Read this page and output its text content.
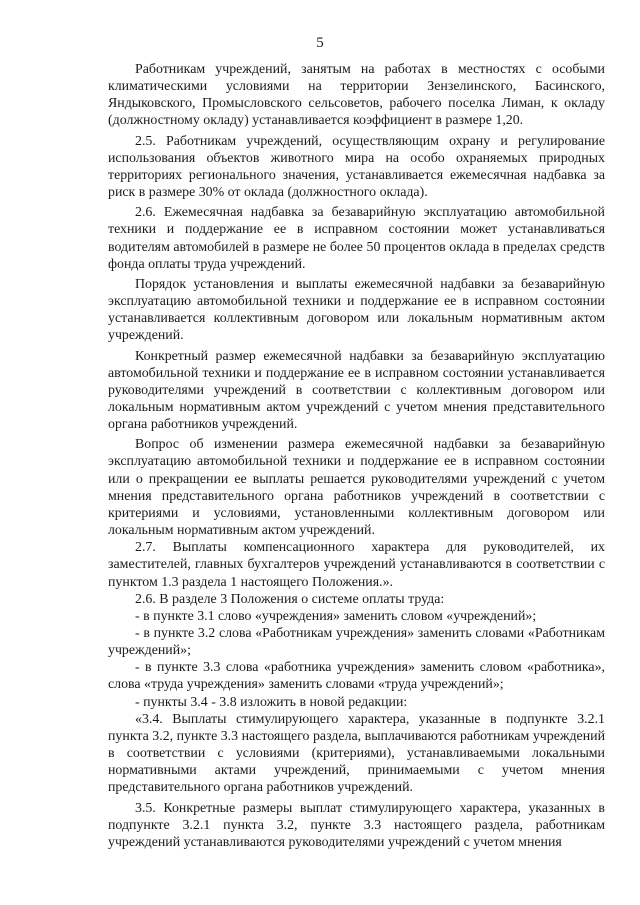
5

Работникам учреждений, занятым на работах в местностях с особыми климатическими условиями на территории Зензелинского, Басинского, Яндыковского, Промысловского сельсоветов, рабочего поселка Лиман, к окладу (должностному окладу) устанавливается коэффициент в размере 1,20.

2.5. Работникам учреждений, осуществляющим охрану и регулирование использования объектов животного мира на особо охраняемых природных территориях регионального значения, устанавливается ежемесячная надбавка за риск в размере 30% от оклада (должностного оклада).

2.6. Ежемесячная надбавка за безаварийную эксплуатацию автомобильной техники и поддержание ее в исправном состоянии может устанавливаться водителям автомобилей в размере не более 50 процентов оклада в пределах средств фонда оплаты труда учреждений.

Порядок установления и выплаты ежемесячной надбавки за безаварийную эксплуатацию автомобильной техники и поддержание ее в исправном состоянии устанавливается коллективным договором или локальным нормативным актом учреждений.

Конкретный размер ежемесячной надбавки за безаварийную эксплуатацию автомобильной техники и поддержание ее в исправном состоянии устанавливается руководителями учреждений в соответствии с коллективным договором или локальным нормативным актом учреждений с учетом мнения представительного органа работников учреждений.

Вопрос об изменении размера ежемесячной надбавки за безаварийную эксплуатацию автомобильной техники и поддержание ее в исправном состоянии или о прекращении ее выплаты решается руководителями учреждений с учетом мнения представительного органа работников учреждений в соответствии с критериями и условиями, установленными коллективным договором или локальным нормативным актом учреждений.

2.7. Выплаты компенсационного характера для руководителей, их заместителей, главных бухгалтеров учреждений устанавливаются в соответствии с пунктом 1.3 раздела 1 настоящего Положения.».

2.6. В разделе 3 Положения о системе оплаты труда:

- в пункте 3.1 слово «учреждения» заменить словом «учреждений»;

- в пункте 3.2 слова «Работникам учреждения» заменить словами «Работникам учреждений»;

- в пункте 3.3 слова «работника учреждения» заменить словом «работника», слова «труда учреждения» заменить словами «труда учреждений»;

- пункты 3.4 - 3.8 изложить в новой редакции:

«3.4. Выплаты стимулирующего характера, указанные в подпункте 3.2.1 пункта 3.2, пункте 3.3 настоящего раздела, выплачиваются работникам учреждений в соответствии с условиями (критериями), устанавливаемыми локальными нормативными актами учреждений, принимаемыми с учетом мнения представительного органа работников учреждений.

3.5. Конкретные размеры выплат стимулирующего характера, указанных в подпункте 3.2.1 пункта 3.2, пункте 3.3 настоящего раздела, работникам учреждений устанавливаются руководителями учреждений с учетом мнения
